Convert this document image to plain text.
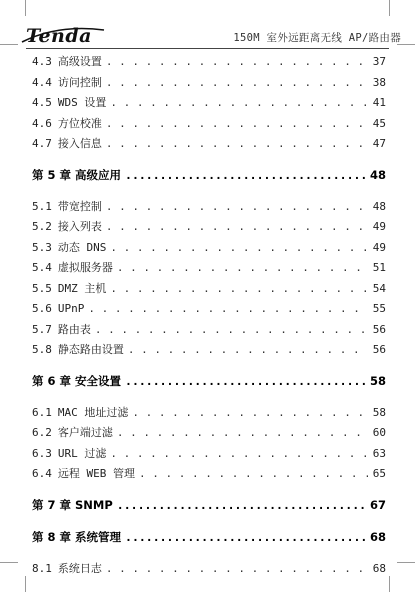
Tenda	150M 室外远距离无线 AP/路由器
4.3 高级设置 . . .	37
4.4 访问控制 . . .	38
4.5 WDS 设置 . . .	41
4.6 方位校准 . . .	45
4.7 接入信息 . . .	47
第 5 章 高级应用 .....	48
5.1 带宽控制 . . .	48
5.2 接入列表 . . .	49
5.3 动态 DNS . . .	49
5.4 虚拟服务器 . . .	51
5.5 DMZ 主机 . . .	54
5.6 UPnP . . .	55
5.7 路由表 . . .	56
5.8 静态路由设置 . . .	56
第 6 章 安全设置 .....	58
6.1 MAC 地址过滤 . . .	58
6.2 客户端过滤 . . .	60
6.3 URL 过滤 . . .	63
6.4 远程 WEB 管理 . . .	65
第 7 章 SNMP .....	67
第 8 章 系统管理 .....	68
8.1 系统日志 . . .	68
